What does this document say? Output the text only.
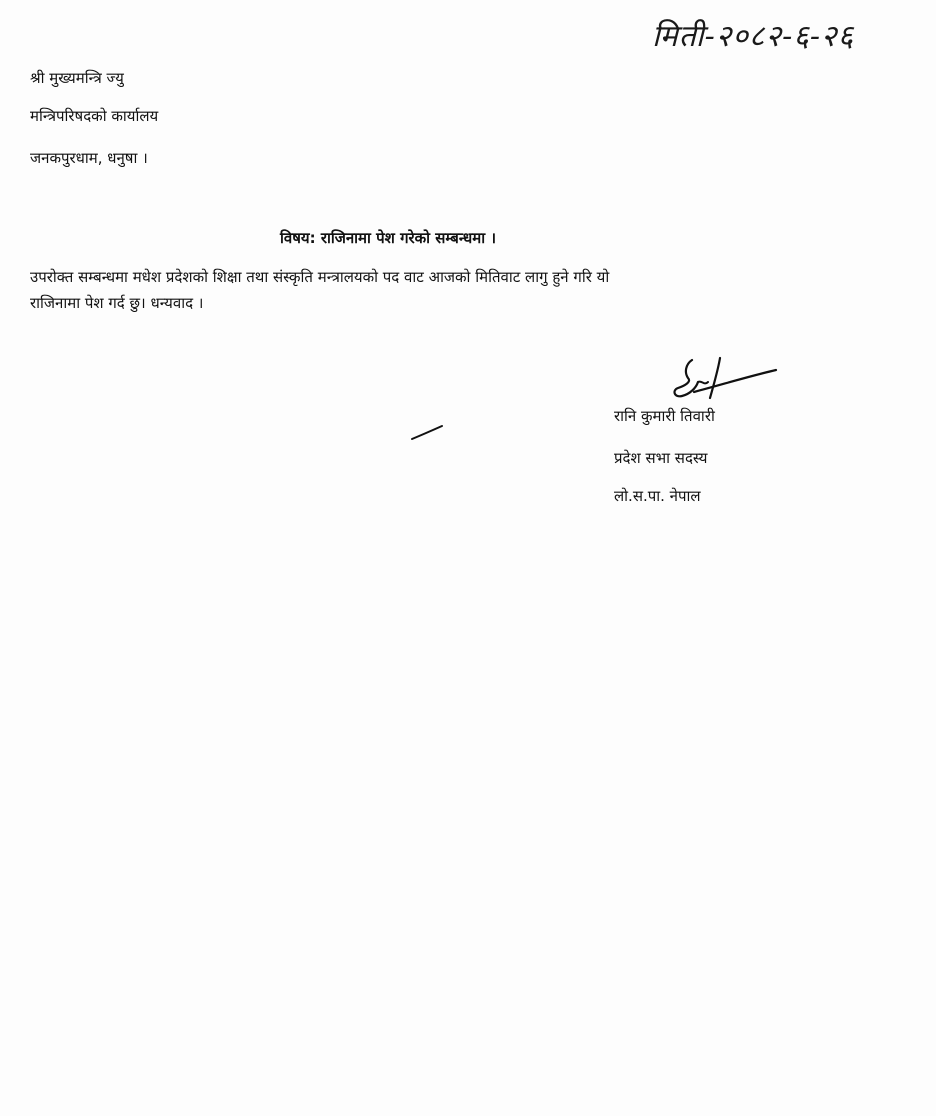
मिती-२०८२-६-२६
श्री मुख्यमन्त्रि ज्यु
मन्त्रिपरिषदको कार्यालय
जनकपुरधाम, धनुषा ।
विषय: राजिनामा पेश गरेको सम्बन्धमा ।
उपरोक्त सम्बन्धमा मधेश प्रदेशको शिक्षा तथा संस्कृति मन्त्रालयको पद वाट आजको मितिवाट लागु हुने गरि यो
राजिनामा पेश गर्द छु। धन्यवाद ।
रानि कुमारी तिवारी
प्रदेश सभा सदस्य
लो.स.पा. नेपाल
